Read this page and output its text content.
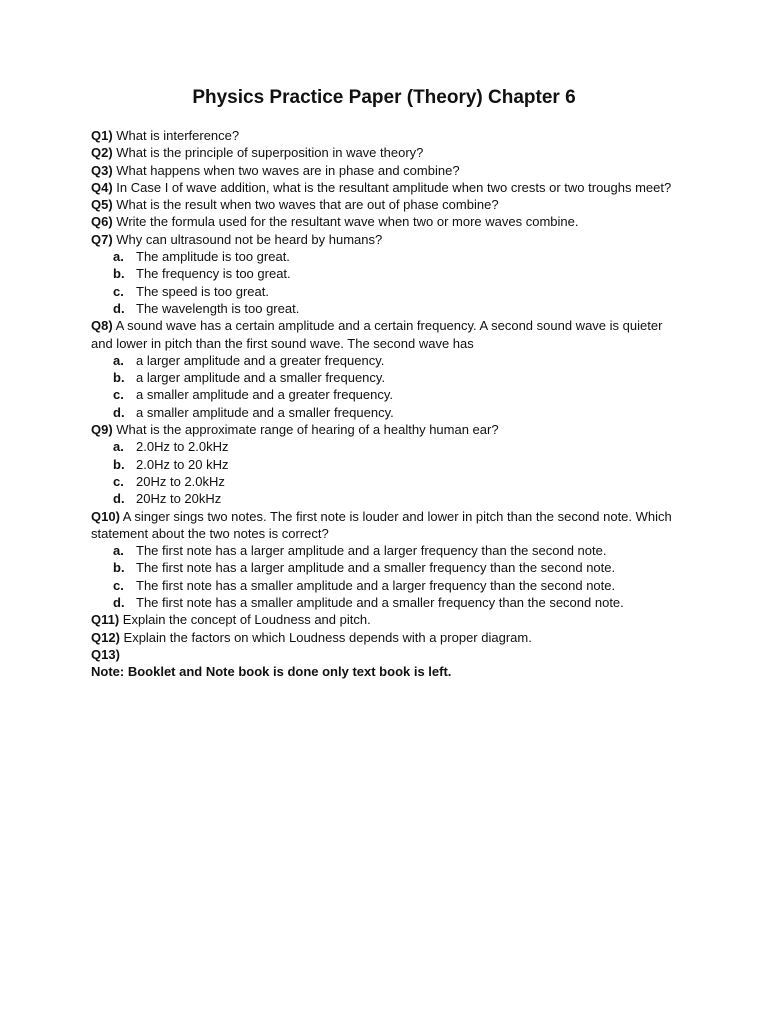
Physics Practice Paper (Theory) Chapter 6

Q1) What is interference?

Q2) What is the principle of superposition in wave theory?

Q3) What happens when two waves are in phase and combine?

Q4) In Case I of wave addition, what is the resultant amplitude when two crests or two troughs meet?

Q5) What is the result when two waves that are out of phase combine?

Q6) Write the formula used for the resultant wave when two or more waves combine.

Q7) Why can ultrasound not be heard by humans?

a. The amplitude is too great.
b. The frequency is too great.
c. The speed is too great.
d. The wavelength is too great.

Q8) A sound wave has a certain amplitude and a certain frequency. A second sound wave is quieter and lower in pitch than the first sound wave. The second wave has

a. a larger amplitude and a greater frequency.
b. a larger amplitude and a smaller frequency.
c. a smaller amplitude and a greater frequency.
d. a smaller amplitude and a smaller frequency.

Q9) What is the approximate range of hearing of a healthy human ear?

a. 2.0Hz to 2.0kHz
b. 2.0Hz to 20 kHz
c. 20Hz to 2.0kHz
d. 20Hz to 20kHz

Q10) A singer sings two notes. The first note is louder and lower in pitch than the second note. Which statement about the two notes is correct?

a. The first note has a larger amplitude and a larger frequency than the second note.
b. The first note has a larger amplitude and a smaller frequency than the second note.
c. The first note has a smaller amplitude and a larger frequency than the second note.
d. The first note has a smaller amplitude and a smaller frequency than the second note.

Q11) Explain the concept of Loudness and pitch.

Q12) Explain the factors on which Loudness depends with a proper diagram.

Q13)

Note: Booklet and Note book is done only text book is left.
